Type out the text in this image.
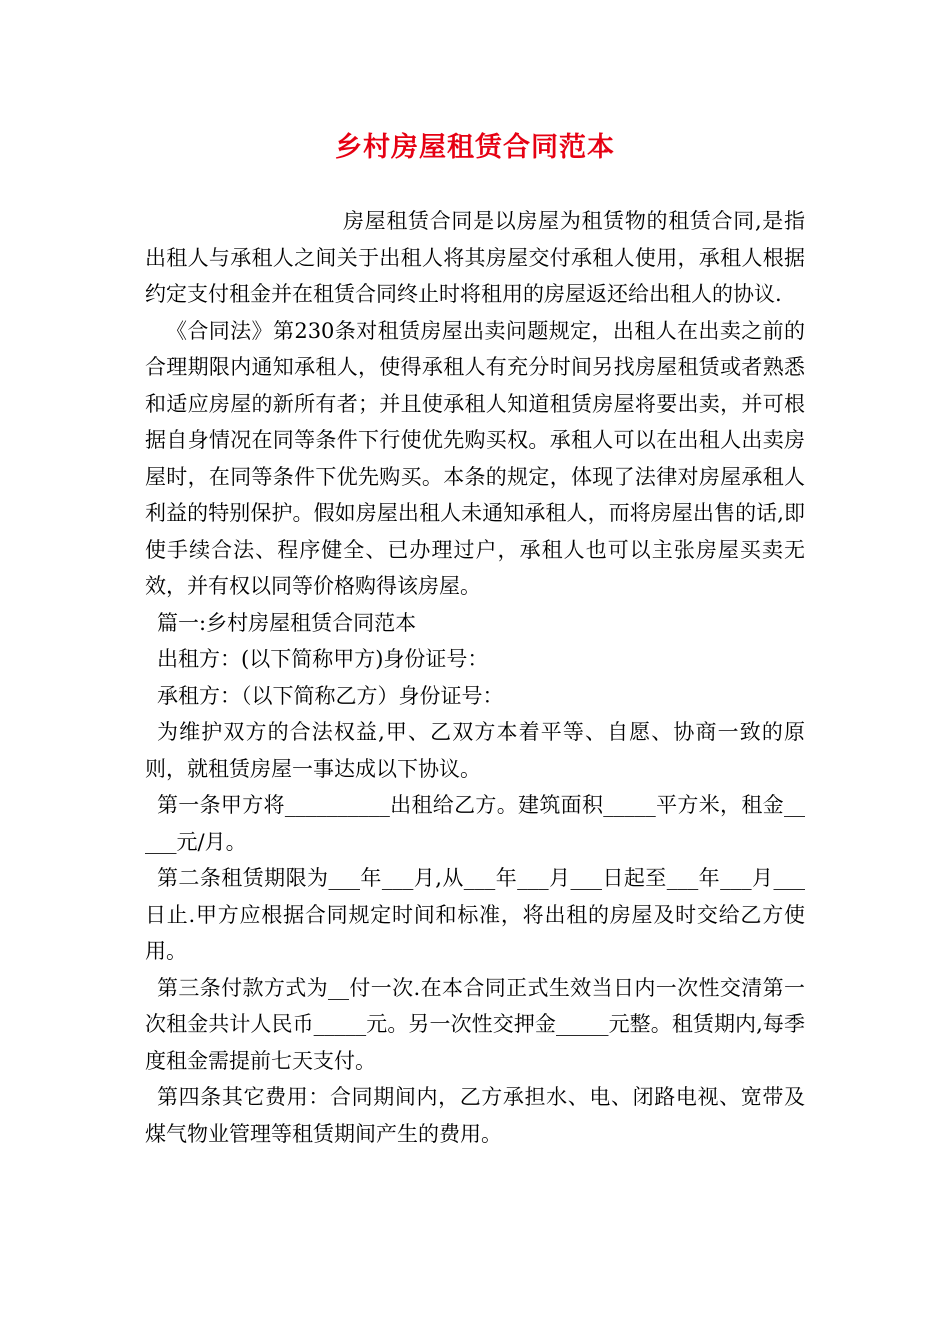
乡村房屋租赁合同范本

房屋租赁合同是以房屋为租赁物的租赁合同,是指出租人与承租人之间关于出租人将其房屋交付承租人使用，承租人根据约定支付租金并在租赁合同终止时将租用的房屋返还给出租人的协议.

《合同法》第230条对租赁房屋出卖问题规定，出租人在出卖之前的合理期限内通知承租人，使得承租人有充分时间另找房屋租赁或者熟悉和适应房屋的新所有者；并且使承租人知道租赁房屋将要出卖，并可根据自身情况在同等条件下行使优先购买权。承租人可以在出租人出卖房屋时，在同等条件下优先购买。本条的规定，体现了法律对房屋承租人利益的特别保护。假如房屋出租人未通知承租人，而将房屋出售的话,即使手续合法、程序健全、已办理过户，承租人也可以主张房屋买卖无效，并有权以同等价格购得该房屋。

篇一:乡村房屋租赁合同范本

出租方：(以下简称甲方)身份证号：

承租方：（以下简称乙方）身份证号：

为维护双方的合法权益,甲、乙双方本着平等、自愿、协商一致的原则，就租赁房屋一事达成以下协议。

第一条甲方将__________出租给乙方。建筑面积_____平方米，租金_____元/月。

第二条租赁期限为___年___月,从___年___月___日起至___年___月___日止.甲方应根据合同规定时间和标准，将出租的房屋及时交给乙方使用。

第三条付款方式为__付一次.在本合同正式生效当日内一次性交清第一次租金共计人民币_____元。另一次性交押金_____元整。租赁期内,每季度租金需提前七天支付。

第四条其它费用：合同期间内，乙方承担水、电、闭路电视、宽带及煤气物业管理等租赁期间产生的费用。
